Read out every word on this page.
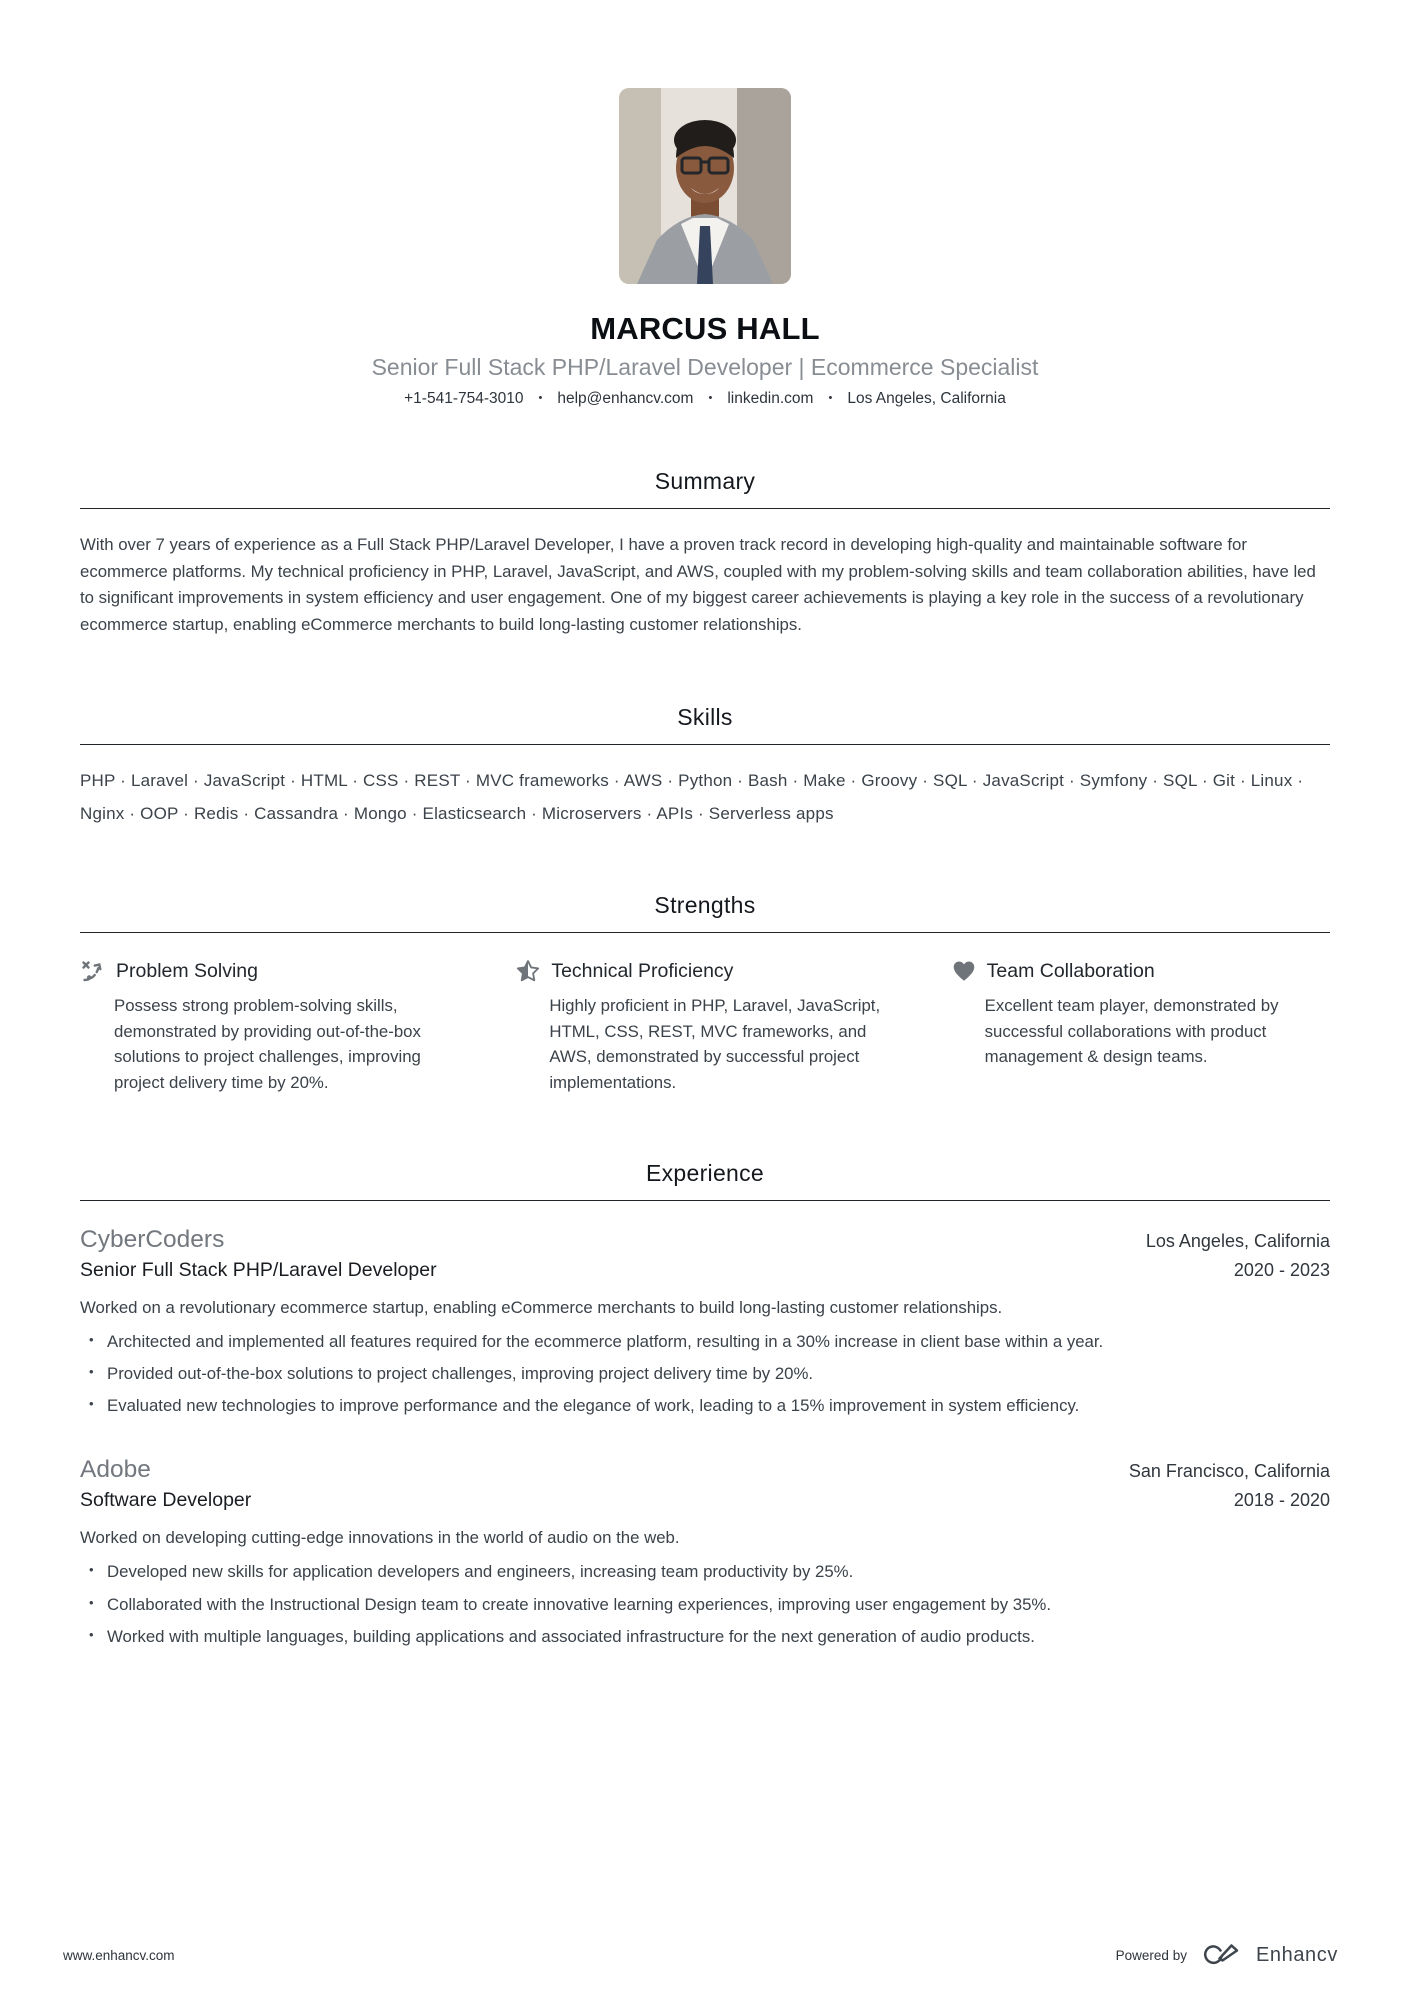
MARCUS HALL
Senior Full Stack PHP/Laravel Developer | Ecommerce Specialist
+1-541-754-3010 • help@enhancv.com • linkedin.com • Los Angeles, California
Summary
With over 7 years of experience as a Full Stack PHP/Laravel Developer, I have a proven track record in developing high-quality and maintainable software for ecommerce platforms. My technical proficiency in PHP, Laravel, JavaScript, and AWS, coupled with my problem-solving skills and team collaboration abilities, have led to significant improvements in system efficiency and user engagement. One of my biggest career achievements is playing a key role in the success of a revolutionary ecommerce startup, enabling eCommerce merchants to build long-lasting customer relationships.
Skills
PHP · Laravel · JavaScript · HTML · CSS · REST · MVC frameworks · AWS · Python · Bash · Make · Groovy · SQL · JavaScript · Symfony · SQL · Git · Linux · Nginx · OOP · Redis · Cassandra · Mongo · Elasticsearch · Microservers · APIs · Serverless apps
Strengths
Problem Solving
Possess strong problem-solving skills, demonstrated by providing out-of-the-box solutions to project challenges, improving project delivery time by 20%.
Technical Proficiency
Highly proficient in PHP, Laravel, JavaScript, HTML, CSS, REST, MVC frameworks, and AWS, demonstrated by successful project implementations.
Team Collaboration
Excellent team player, demonstrated by successful collaborations with product management & design teams.
Experience
CyberCoders	Los Angeles, California
Senior Full Stack PHP/Laravel Developer	2020 - 2023
Worked on a revolutionary ecommerce startup, enabling eCommerce merchants to build long-lasting customer relationships.
• Architected and implemented all features required for the ecommerce platform, resulting in a 30% increase in client base within a year.
• Provided out-of-the-box solutions to project challenges, improving project delivery time by 20%.
• Evaluated new technologies to improve performance and the elegance of work, leading to a 15% improvement in system efficiency.
Adobe	San Francisco, California
Software Developer	2018 - 2020
Worked on developing cutting-edge innovations in the world of audio on the web.
• Developed new skills for application developers and engineers, increasing team productivity by 25%.
• Collaborated with the Instructional Design team to create innovative learning experiences, improving user engagement by 35%.
• Worked with multiple languages, building applications and associated infrastructure for the next generation of audio products.
www.enhancv.com	Powered by	Enhancv
